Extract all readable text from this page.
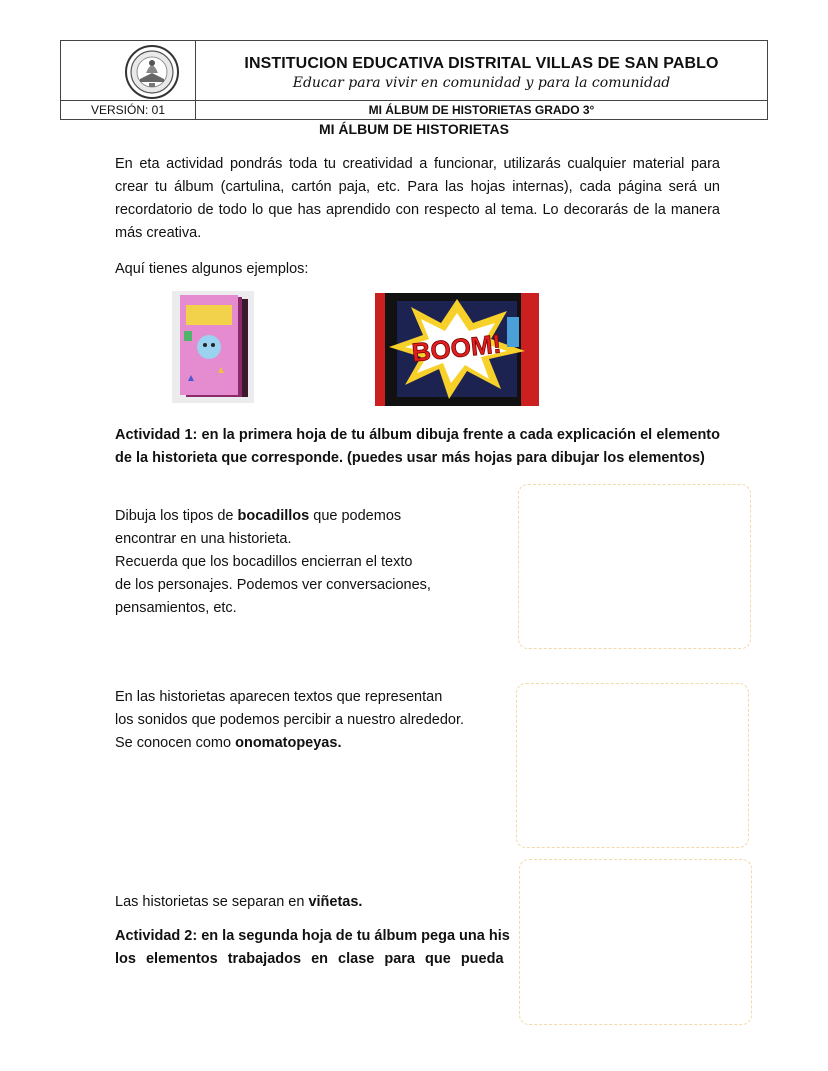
INSTITUCION EDUCATIVA DISTRITAL VILLAS DE SAN PABLO
Educar para vivir en comunidad y para la comunidad

VERSIÓN: 01	MI ÁLBUM DE HISTORIETAS GRADO 3°
MI ÁLBUM DE HISTORIETAS
En eta actividad pondrás toda tu creatividad a funcionar, utilizarás cualquier material para crear tu álbum (cartulina, cartón paja, etc. Para las hojas internas), cada página será un recordatorio de todo lo que has aprendido con respecto al tema. Lo decorarás de la manera más creativa.
Aquí tienes algunos ejemplos:
BOOM!
Actividad 1: en la primera hoja de tu álbum dibuja frente a cada explicación el elemento de la historieta que corresponde. (puedes usar más hojas para dibujar los elementos)
Dibuja los tipos de bocadillos que podemos
encontrar en una historieta.
Recuerda que los bocadillos encierran el texto
de los personajes. Podemos ver conversaciones,
pensamientos, etc.
En las historietas aparecen textos que representan
los sonidos que podemos percibir a nuestro alrededor.
Se conocen como onomatopeyas.
Las historietas se separan en viñetas.
Actividad 2: en la segunda hoja de tu álbum pega una his
los elementos trabajados en clase para que pueda
